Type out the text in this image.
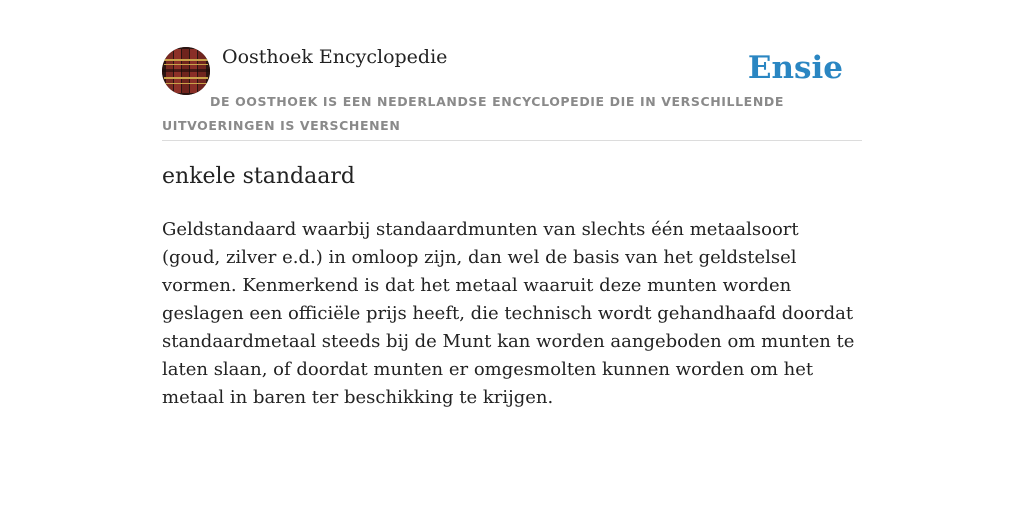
Oosthoek Encyclopedie	Ensie
DE OOSTHOEK IS EEN NEDERLANDSE ENCYCLOPEDIE DIE IN VERSCHILLENDE UITVOERINGEN IS VERSCHENEN
enkele standaard

Geldstandaard waarbij standaardmunten van slechts één metaalsoort (goud, zilver e.d.) in omloop zijn, dan wel de basis van het geldstelsel vormen. Kenmerkend is dat het metaal waaruit deze munten worden geslagen een officiële prijs heeft, die technisch wordt gehandhaafd doordat standaardmetaal steeds bij de Munt kan worden aangeboden om munten te laten slaan, of doordat munten er omgesmolten kunnen worden om het metaal in baren ter beschikking te krijgen.
